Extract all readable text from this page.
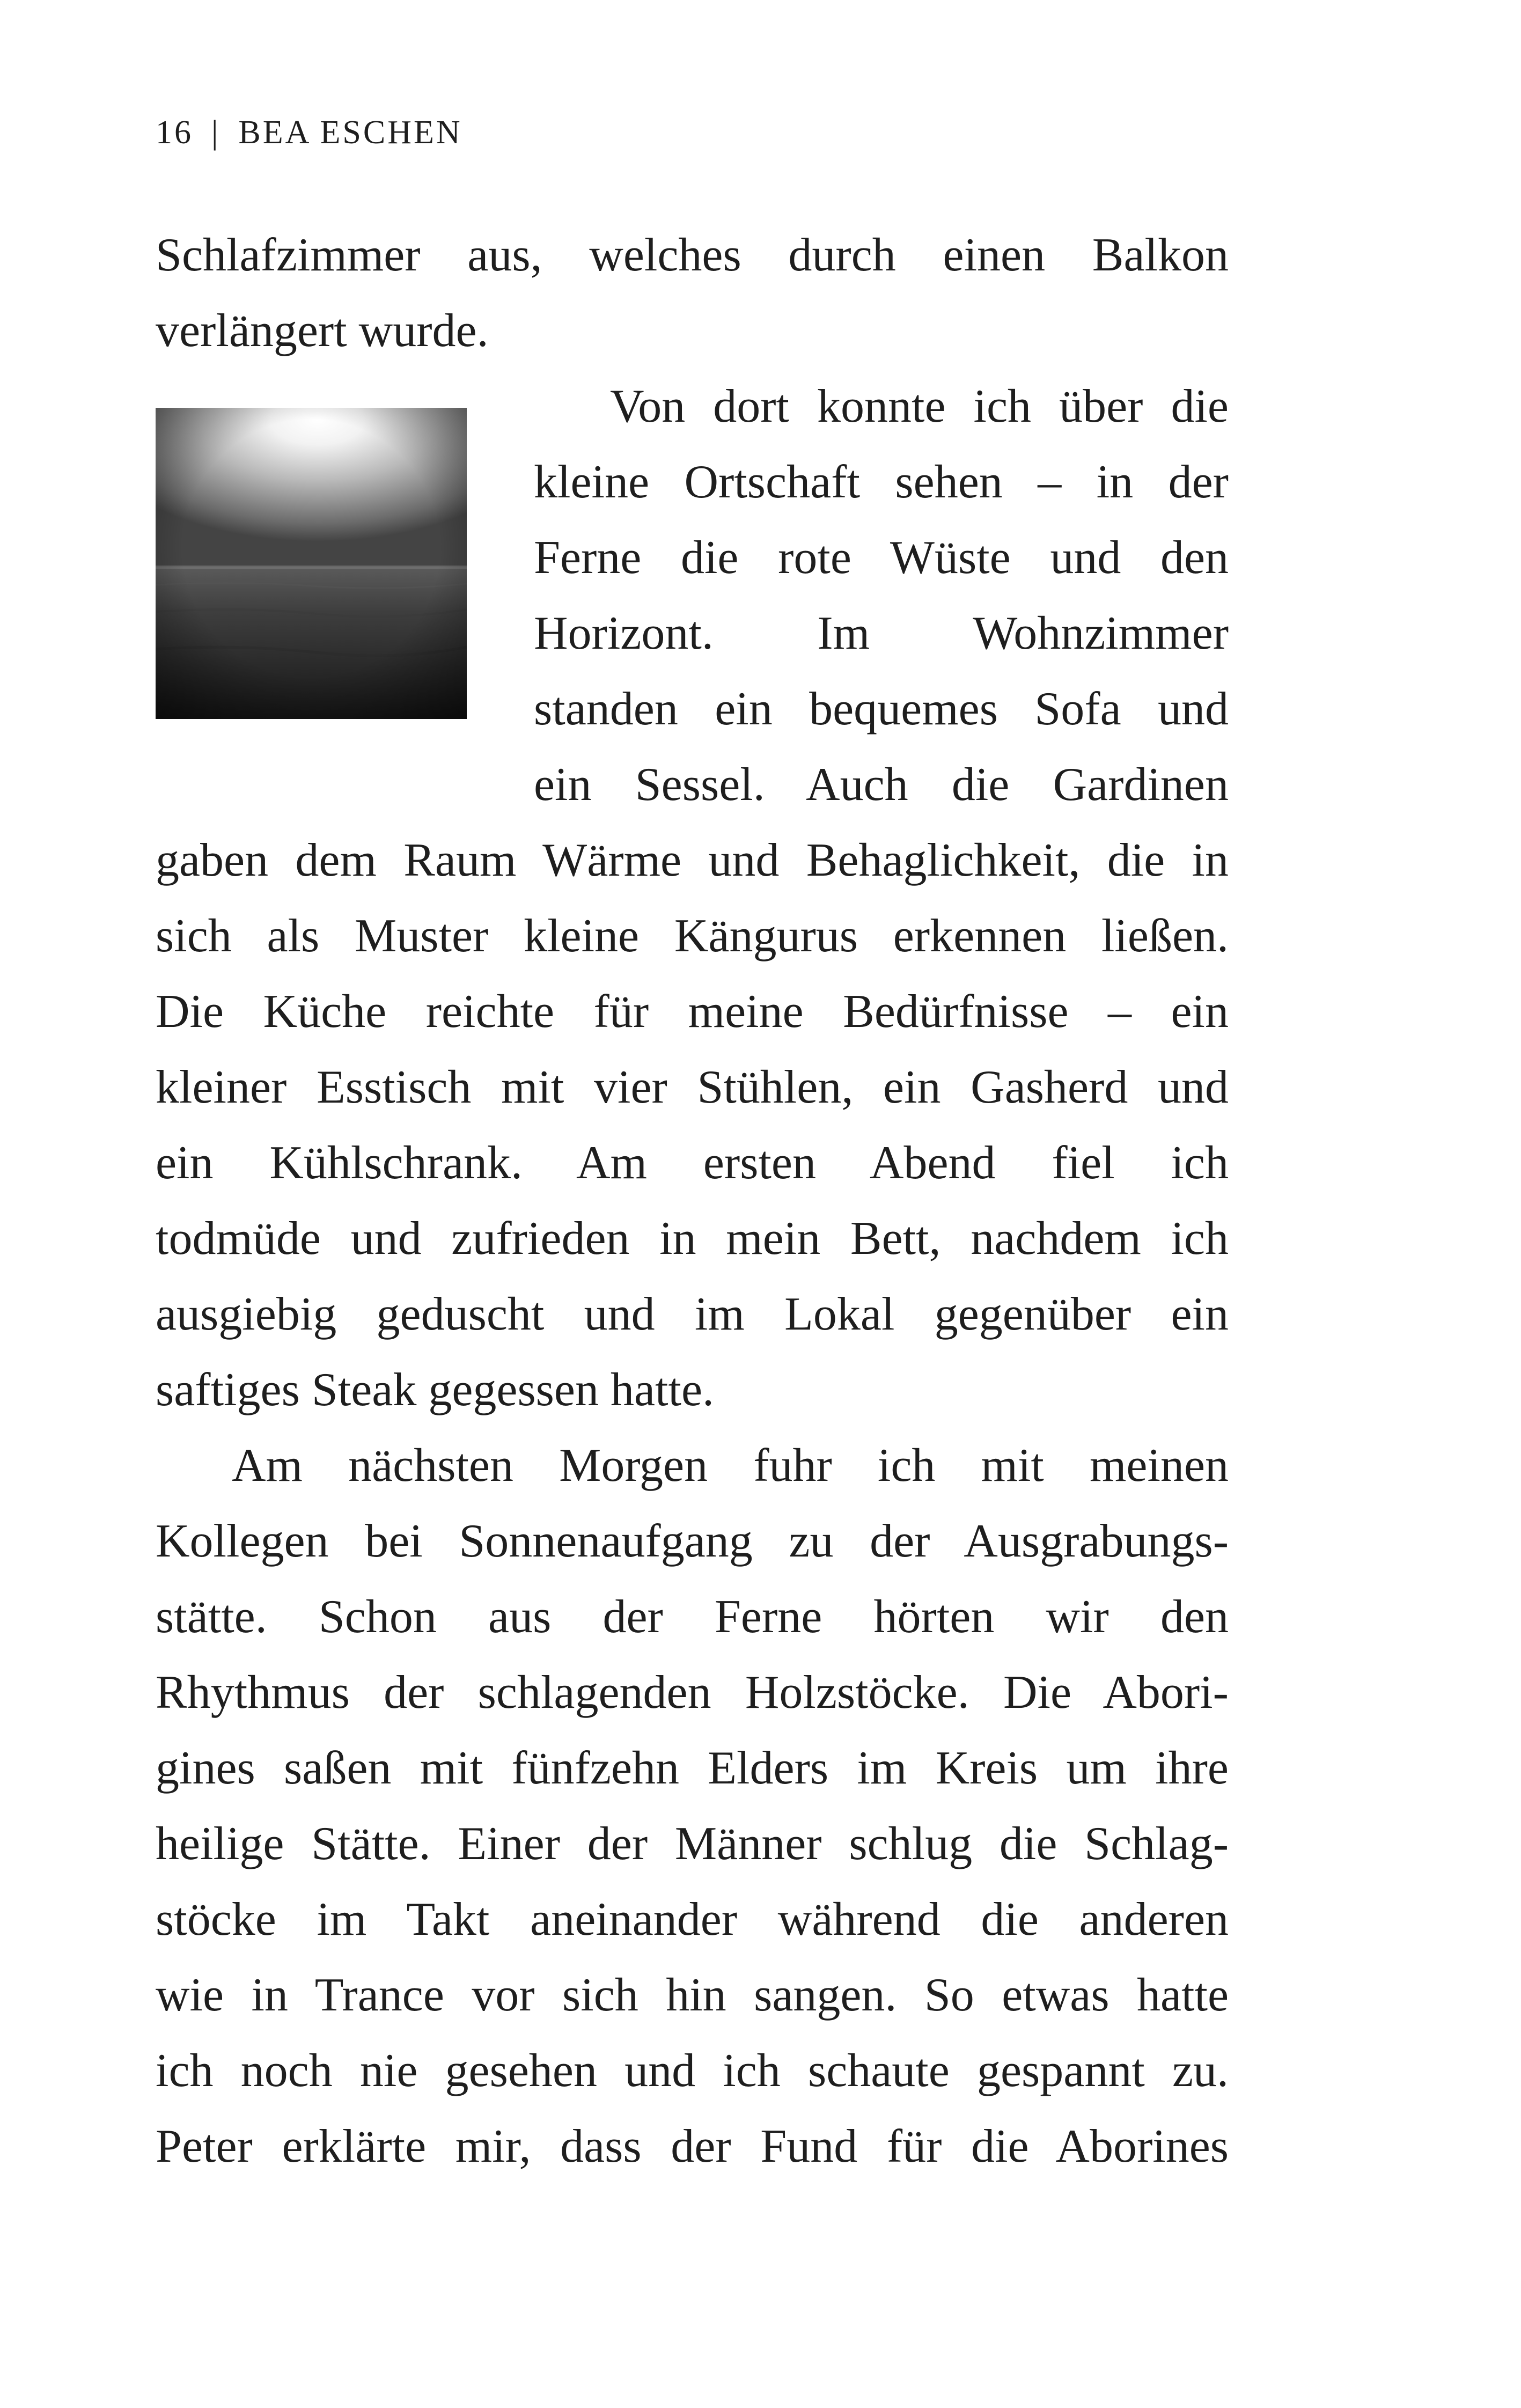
16 | BEA ESCHEN
Schlafzimmer aus, welches durch einen Balkon
verlängert wurde.
Von dort konnte ich über die
kleine Ortschaft sehen – in der
Ferne die rote Wüste und den
Horizont. Im Wohnzimmer
standen ein bequemes Sofa und
ein Sessel. Auch die Gardinen
gaben dem Raum Wärme und Behaglichkeit, die in
sich als Muster kleine Kängurus erkennen ließen.
Die Küche reichte für meine Bedürfnisse – ein
kleiner Esstisch mit vier Stühlen, ein Gasherd und
ein Kühlschrank. Am ersten Abend fiel ich
todmüde und zufrieden in mein Bett, nachdem ich
ausgiebig geduscht und im Lokal gegenüber ein
saftiges Steak gegessen hatte.
Am nächsten Morgen fuhr ich mit meinen
Kollegen bei Sonnenaufgang zu der Ausgrabungs-
stätte. Schon aus der Ferne hörten wir den
Rhythmus der schlagenden Holzstöcke. Die Abori-
gines saßen mit fünfzehn Elders im Kreis um ihre
heilige Stätte. Einer der Männer schlug die Schlag-
stöcke im Takt aneinander während die anderen
wie in Trance vor sich hin sangen. So etwas hatte
ich noch nie gesehen und ich schaute gespannt zu.
Peter erklärte mir, dass der Fund für die Aborines
